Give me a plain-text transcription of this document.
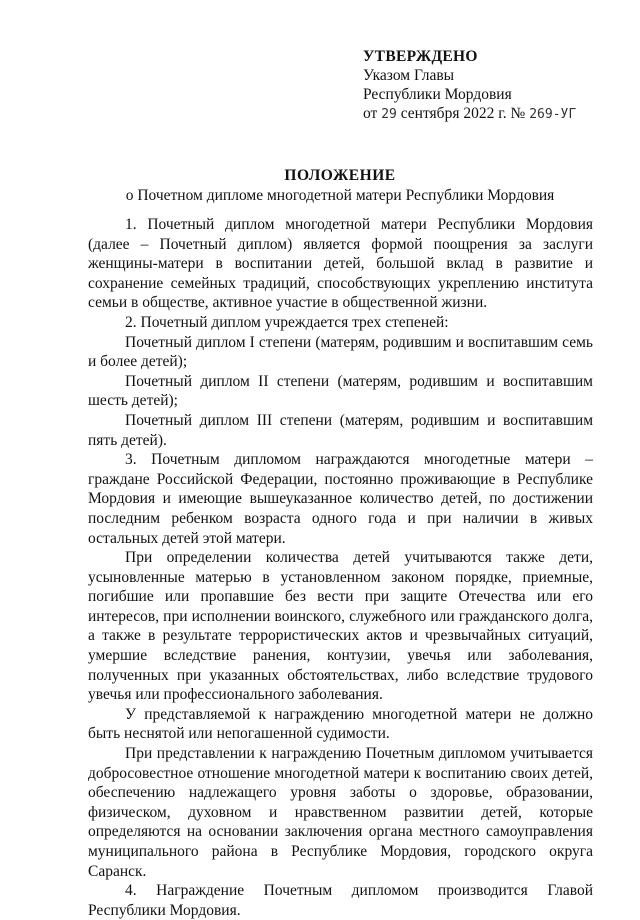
УТВЕРЖДЕНО
Указом Главы
Республики Мордовия
от 29 сентября 2022 г. № 269-УГ
ПОЛОЖЕНИЕ
о Почетном дипломе многодетной матери Республики Мордовия

1. Почетный диплом многодетной матери Республики Мордовия (далее – Почетный диплом) является формой поощрения за заслуги женщины-матери в воспитании детей, большой вклад в развитие и сохранение семейных традиций, способствующих укреплению института семьи в обществе, активное участие в общественной жизни.

2. Почетный диплом учреждается трех степеней:

Почетный диплом I степени (матерям, родившим и воспитавшим семь и более детей);

Почетный диплом II степени (матерям, родившим и воспитавшим шесть детей);

Почетный диплом III степени (матерям, родившим и воспитавшим пять детей).

3. Почетным дипломом награждаются многодетные матери – граждане Российской Федерации, постоянно проживающие в Республике Мордовия и имеющие вышеуказанное количество детей, по достижении последним ребенком возраста одного года и при наличии в живых остальных детей этой матери.

При определении количества детей учитываются также дети, усыновленные матерью в установленном законом порядке, приемные, погибшие или пропавшие без вести при защите Отечества или его интересов, при исполнении воинского, служебного или гражданского долга, а также в результате террористических актов и чрезвычайных ситуаций, умершие вследствие ранения, контузии, увечья или заболевания, полученных при указанных обстоятельствах, либо вследствие трудового увечья или профессионального заболевания.

У представляемой к награждению многодетной матери не должно быть неснятой или непогашенной судимости.

При представлении к награждению Почетным дипломом учитывается добросовестное отношение многодетной матери к воспитанию своих детей, обеспечению надлежащего уровня заботы о здоровье, образовании, физическом, духовном и нравственном развитии детей, которые определяются на основании заключения органа местного самоуправления муниципального района в Республике Мордовия, городского округа Саранск.

4. Награждение Почетным дипломом производится Главой Республики Мордовия.
